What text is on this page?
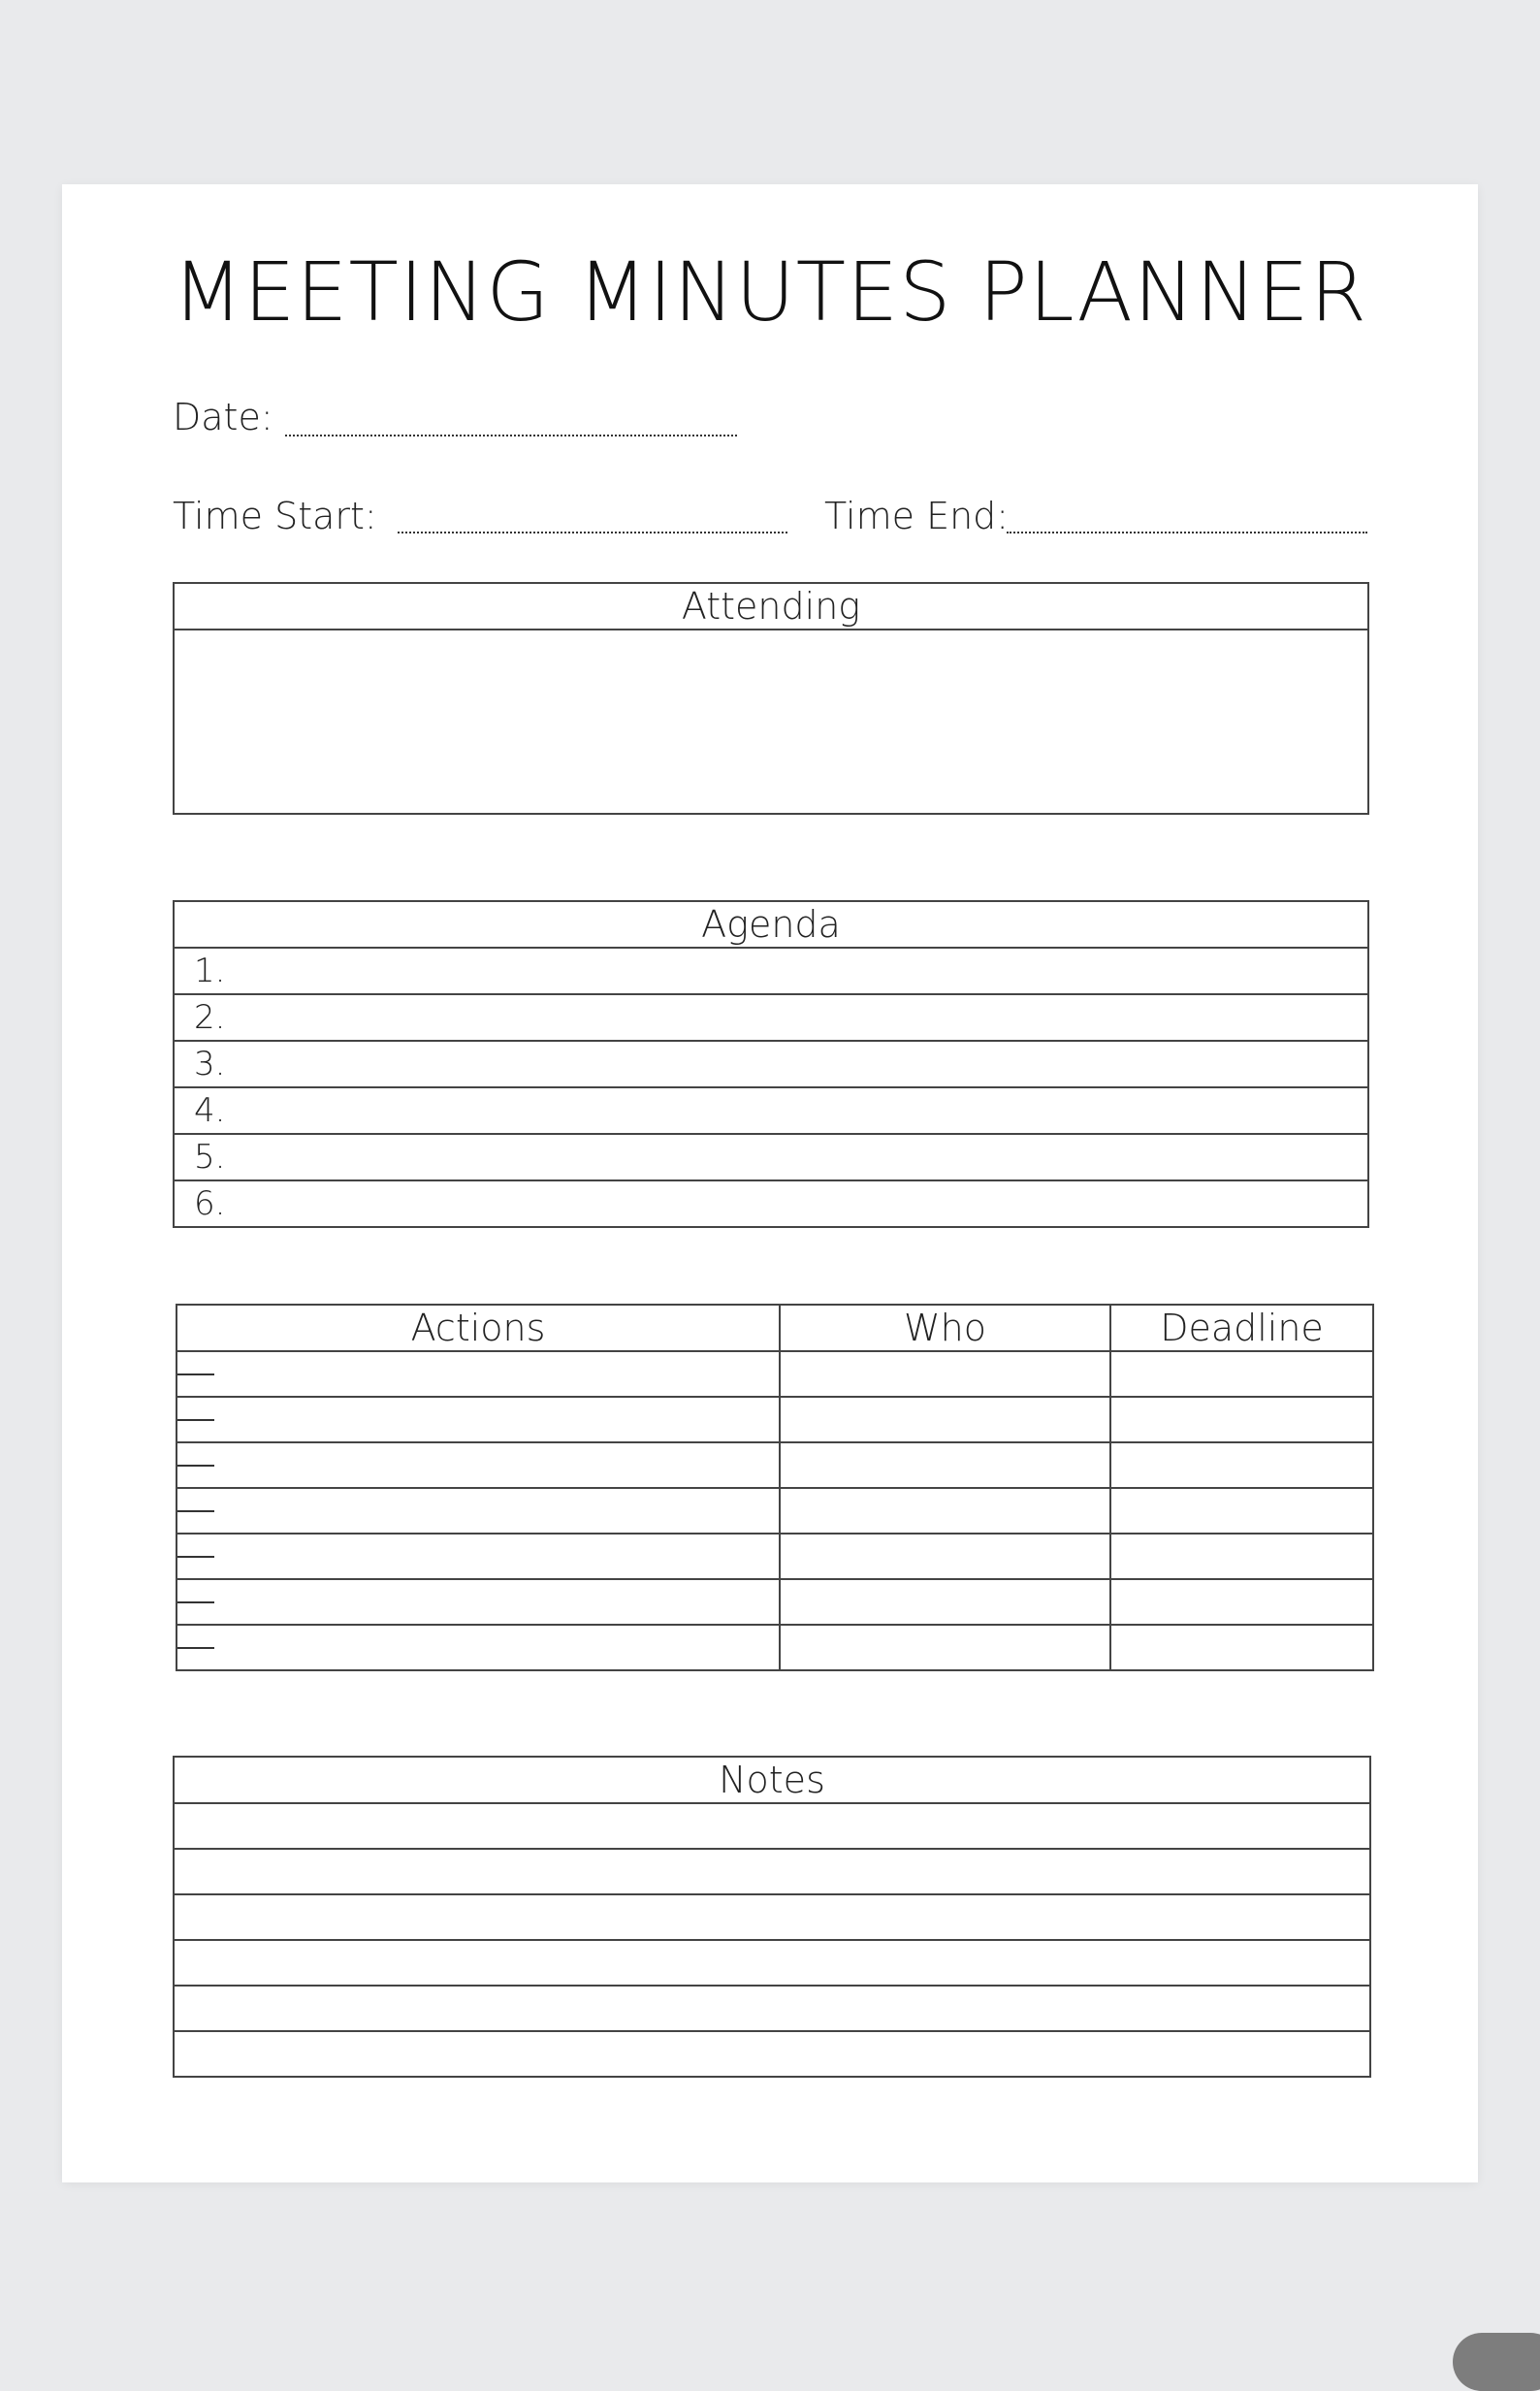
MEETING MINUTES PLANNER
Date:
Time Start:	Time End:
Attending

Agenda
1.
2.
3.
4.
5.
6.
Actions	Who	Deadline

Notes
